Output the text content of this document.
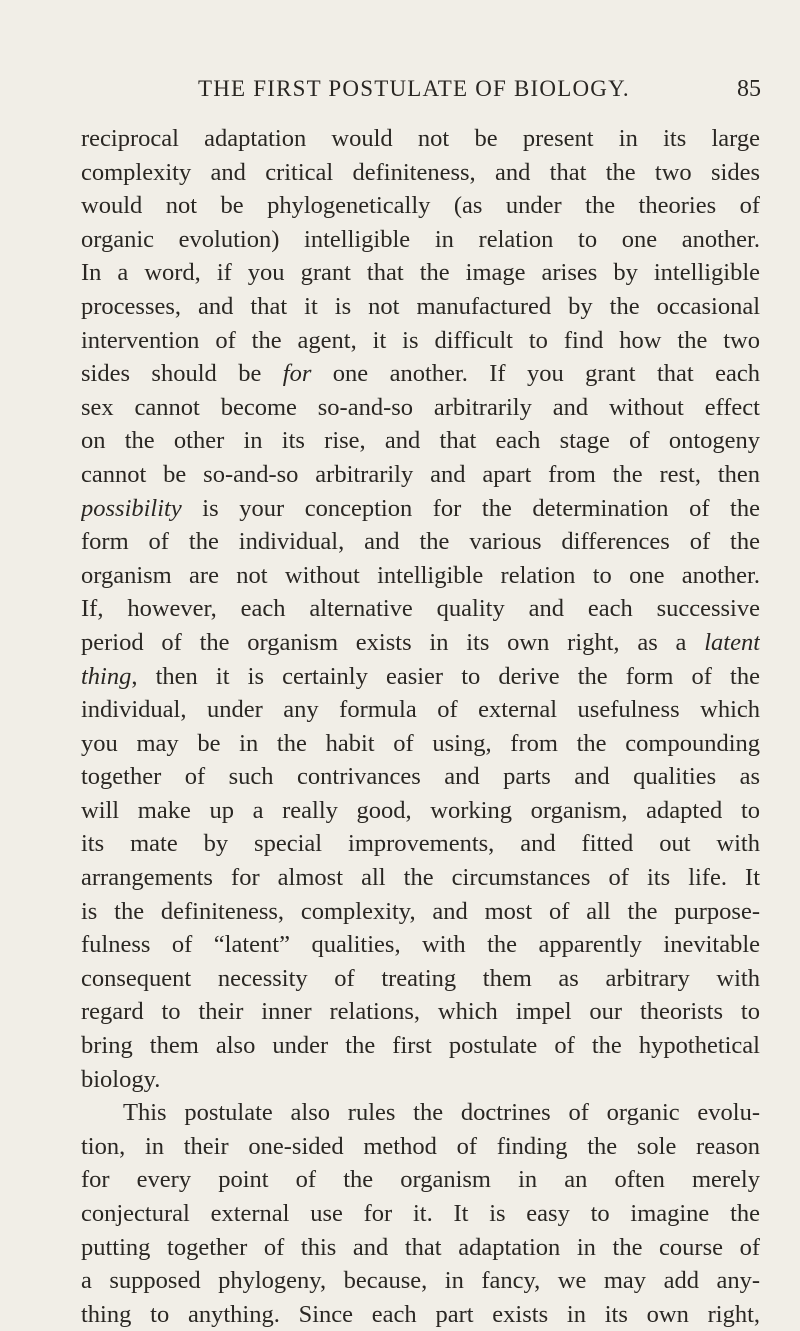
THE FIRST POSTULATE OF BIOLOGY.	85
reciprocal adaptation would not be present in its large
complexity and critical definiteness, and that the two sides
would not be phylogenetically (as under the theories of
organic evolution) intelligible in relation to one another.
In a word, if you grant that the image arises by intelligible
processes, and that it is not manufactured by the occasional
intervention of the agent, it is difficult to find how the two
sides should be for one another. If you grant that each
sex cannot become so-and-so arbitrarily and without effect
on the other in its rise, and that each stage of ontogeny
cannot be so-and-so arbitrarily and apart from the rest, then
possibility is your conception for the determination of the
form of the individual, and the various differences of the
organism are not without intelligible relation to one another.
If, however, each alternative quality and each successive
period of the organism exists in its own right, as a latent
thing, then it is certainly easier to derive the form of the
individual, under any formula of external usefulness which
you may be in the habit of using, from the compounding
together of such contrivances and parts and qualities as
will make up a really good, working organism, adapted to
its mate by special improvements, and fitted out with
arrangements for almost all the circumstances of its life. It
is the definiteness, complexity, and most of all the purpose-
fulness of “latent” qualities, with the apparently inevitable
consequent necessity of treating them as arbitrary with
regard to their inner relations, which impel our theorists to
bring them also under the first postulate of the hypothetical
biology.
This postulate also rules the doctrines of organic evolu-
tion, in their one-sided method of finding the sole reason
for every point of the organism in an often merely
conjectural external use for it. It is easy to imagine the
putting together of this and that adaptation in the course of
a supposed phylogeny, because, in fancy, we may add any-
thing to anything. Since each part exists in its own right,
